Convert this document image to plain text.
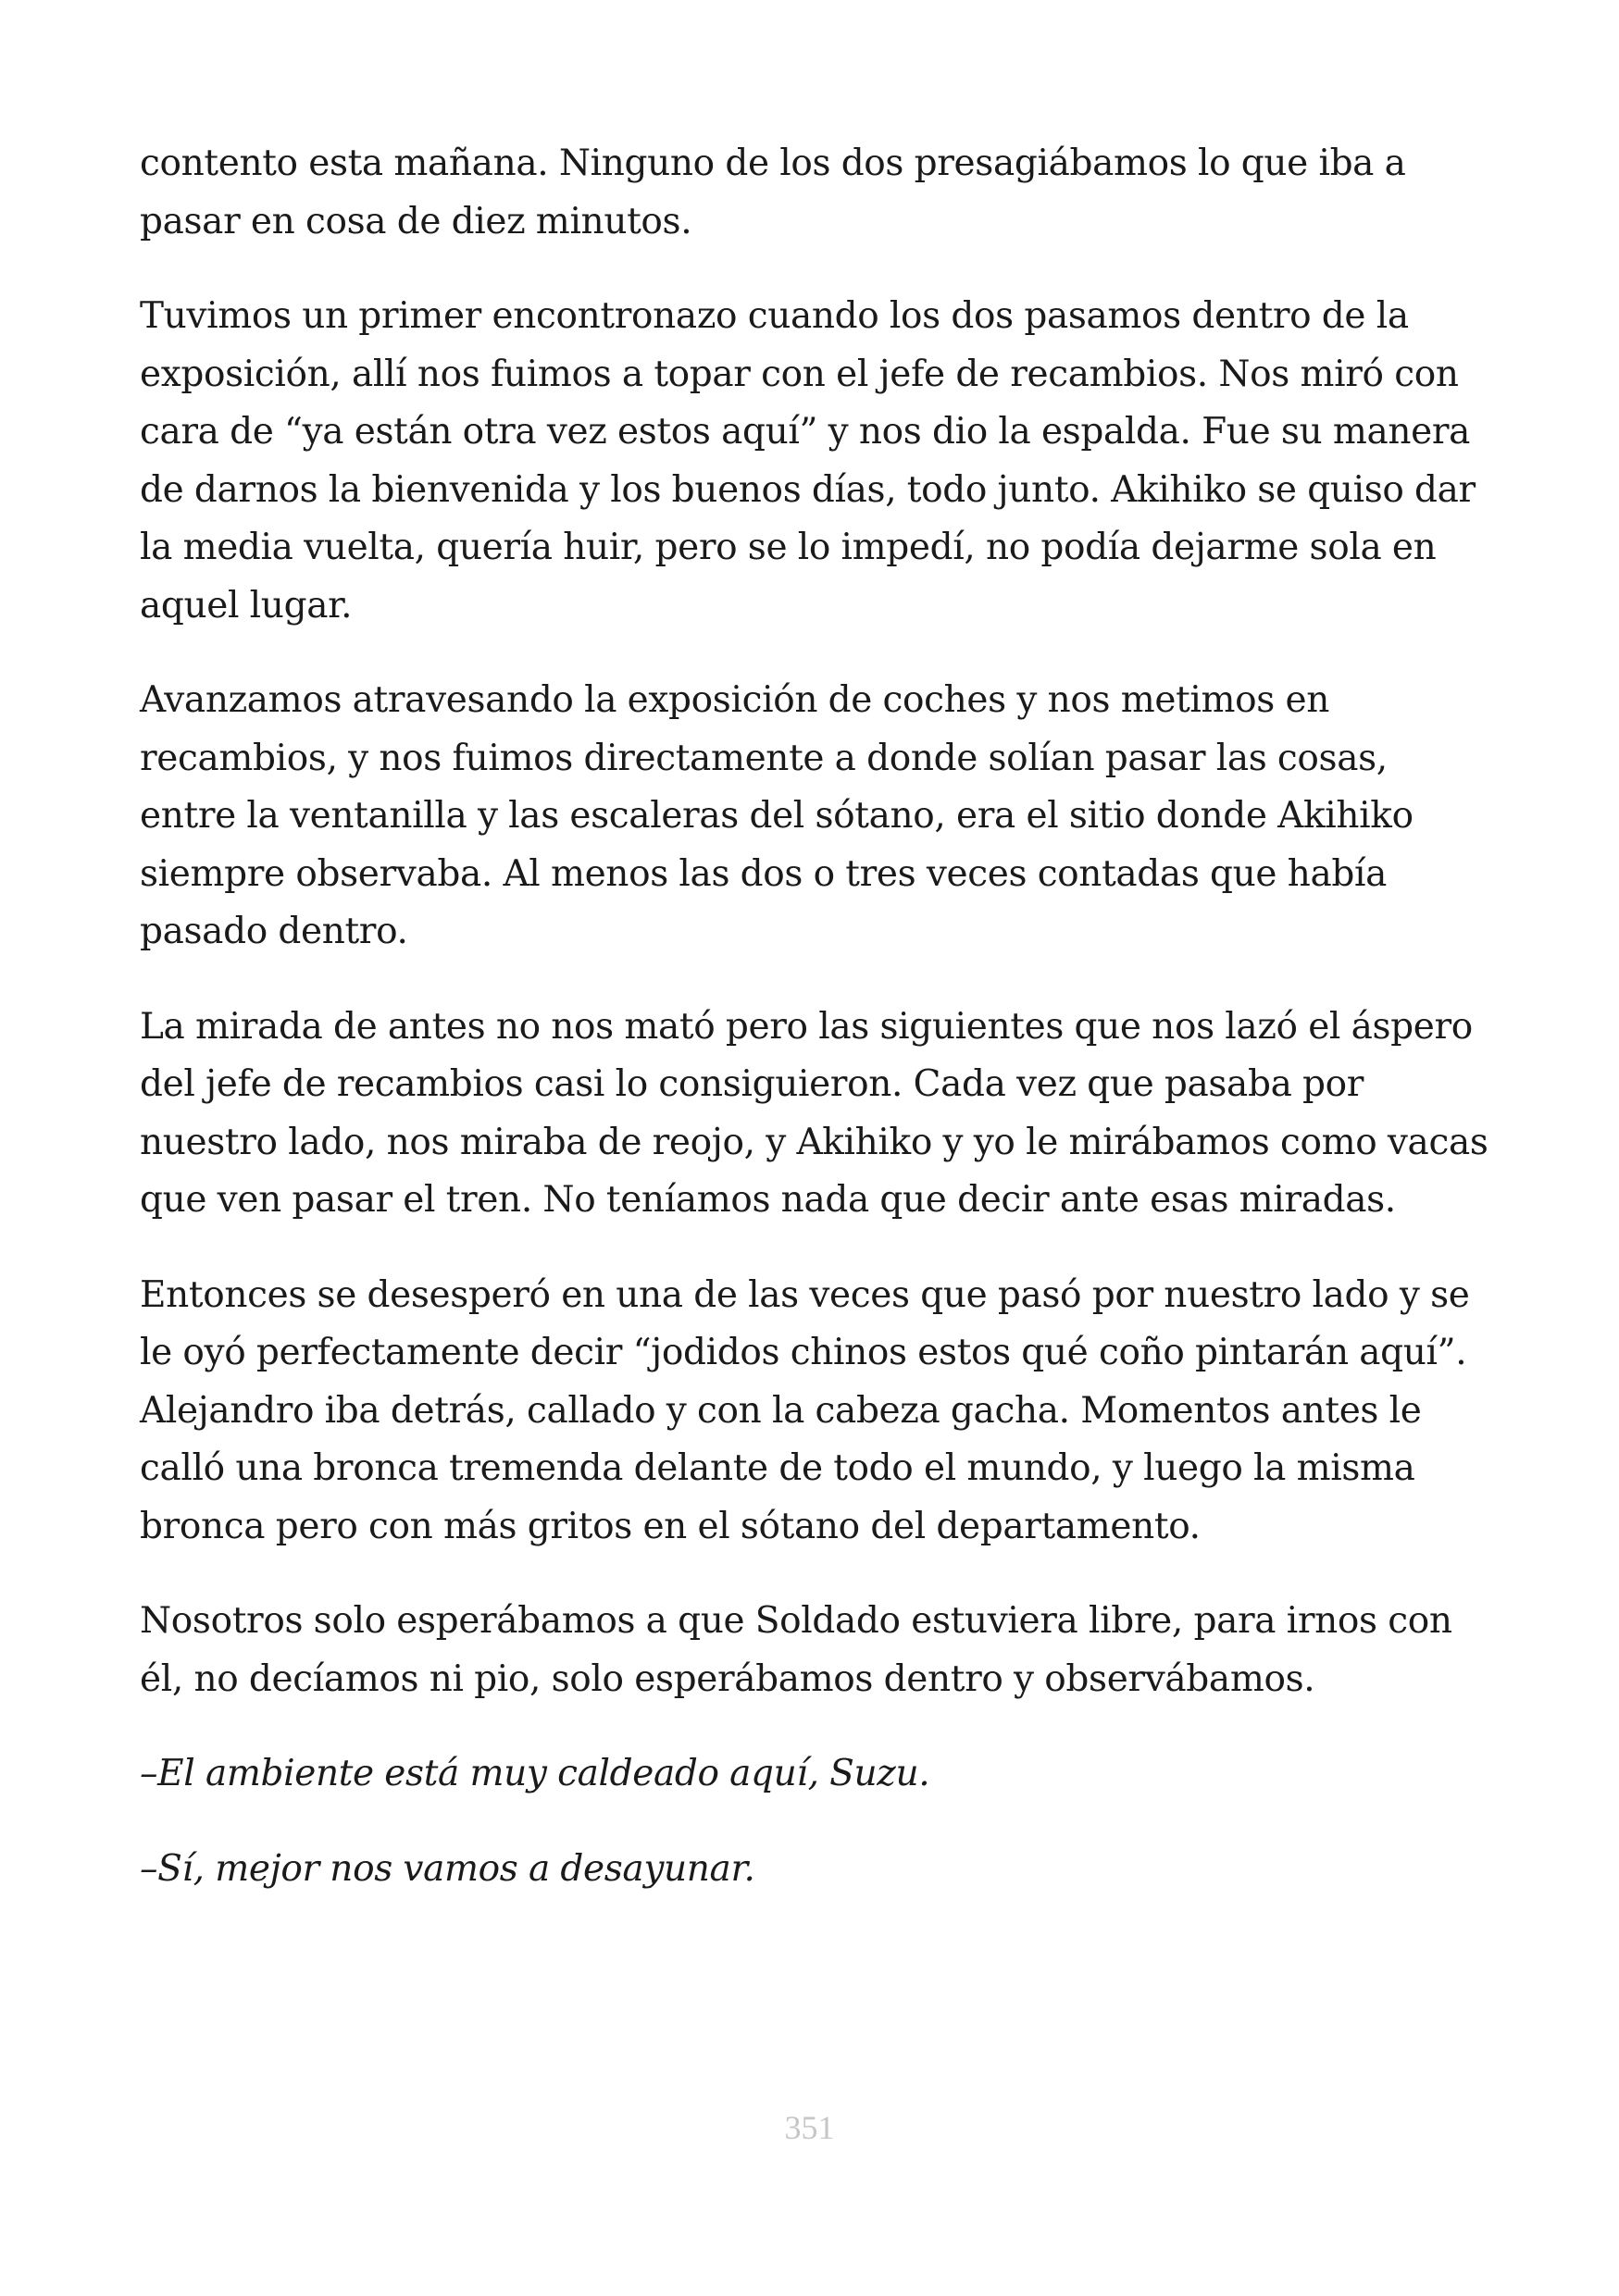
contento esta mañana. Ninguno de los dos presagiábamos lo que iba a pasar en cosa de diez minutos.

Tuvimos un primer encontronazo cuando los dos pasamos dentro de la exposición, allí nos fuimos a topar con el jefe de recambios. Nos miró con cara de “ya están otra vez estos aquí” y nos dio la espalda. Fue su manera de darnos la bienvenida y los buenos días, todo junto. Akihiko se quiso dar la media vuelta, quería huir, pero se lo impedí, no podía dejarme sola en aquel lugar.

Avanzamos atravesando la exposición de coches y nos metimos en recambios, y nos fuimos directamente a donde solían pasar las cosas, entre la ventanilla y las escaleras del sótano, era el sitio donde Akihiko siempre observaba. Al menos las dos o tres veces contadas que había pasado dentro.

La mirada de antes no nos mató pero las siguientes que nos lazó el áspero del jefe de recambios casi lo consiguieron. Cada vez que pasaba por nuestro lado, nos miraba de reojo, y Akihiko y yo le mirábamos como vacas que ven pasar el tren. No teníamos nada que decir ante esas miradas.

Entonces se desesperó en una de las veces que pasó por nuestro lado y se le oyó perfectamente decir “jodidos chinos estos qué coño pintarán aquí”. Alejandro iba detrás, callado y con la cabeza gacha. Momentos antes le calló una bronca tremenda delante de todo el mundo, y luego la misma bronca pero con más gritos en el sótano del departamento.

Nosotros solo esperábamos a que Soldado estuviera libre, para irnos con él, no decíamos ni pio, solo esperábamos dentro y observábamos.

–El ambiente está muy caldeado aquí, Suzu.

–Sí, mejor nos vamos a desayunar.

351
